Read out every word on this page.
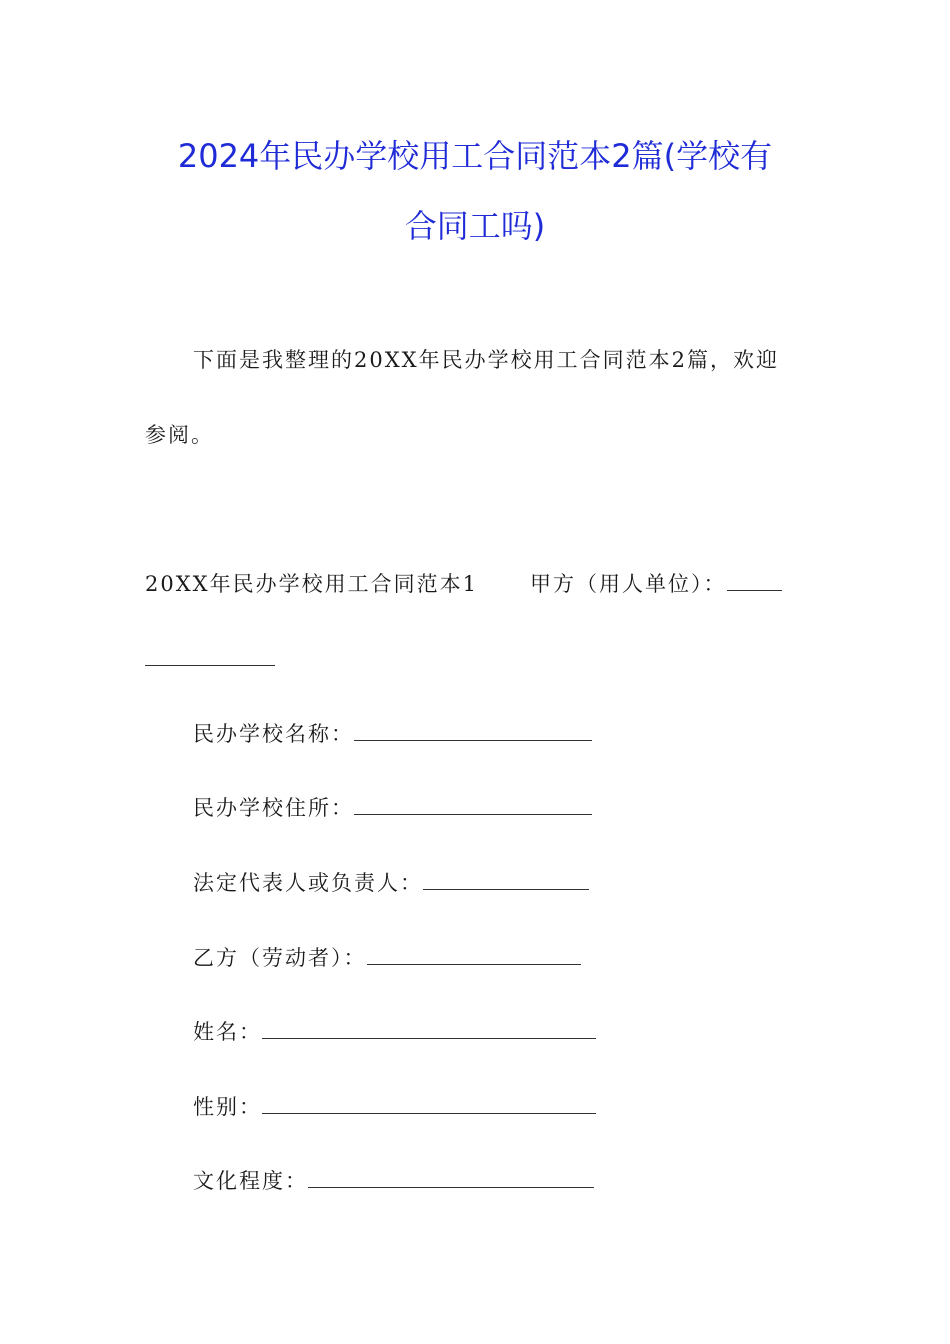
2024年民办学校用工合同范本2篇(学校有
合同工吗)
下面是我整理的20XX年民办学校用工合同范本2篇，欢迎
参阅。
20XX年民办学校用工合同范本1 甲方（用人单位）：
民办学校名称：
民办学校住所：
法定代表人或负责人：
乙方（劳动者）：
姓名：
性别：
文化程度：
